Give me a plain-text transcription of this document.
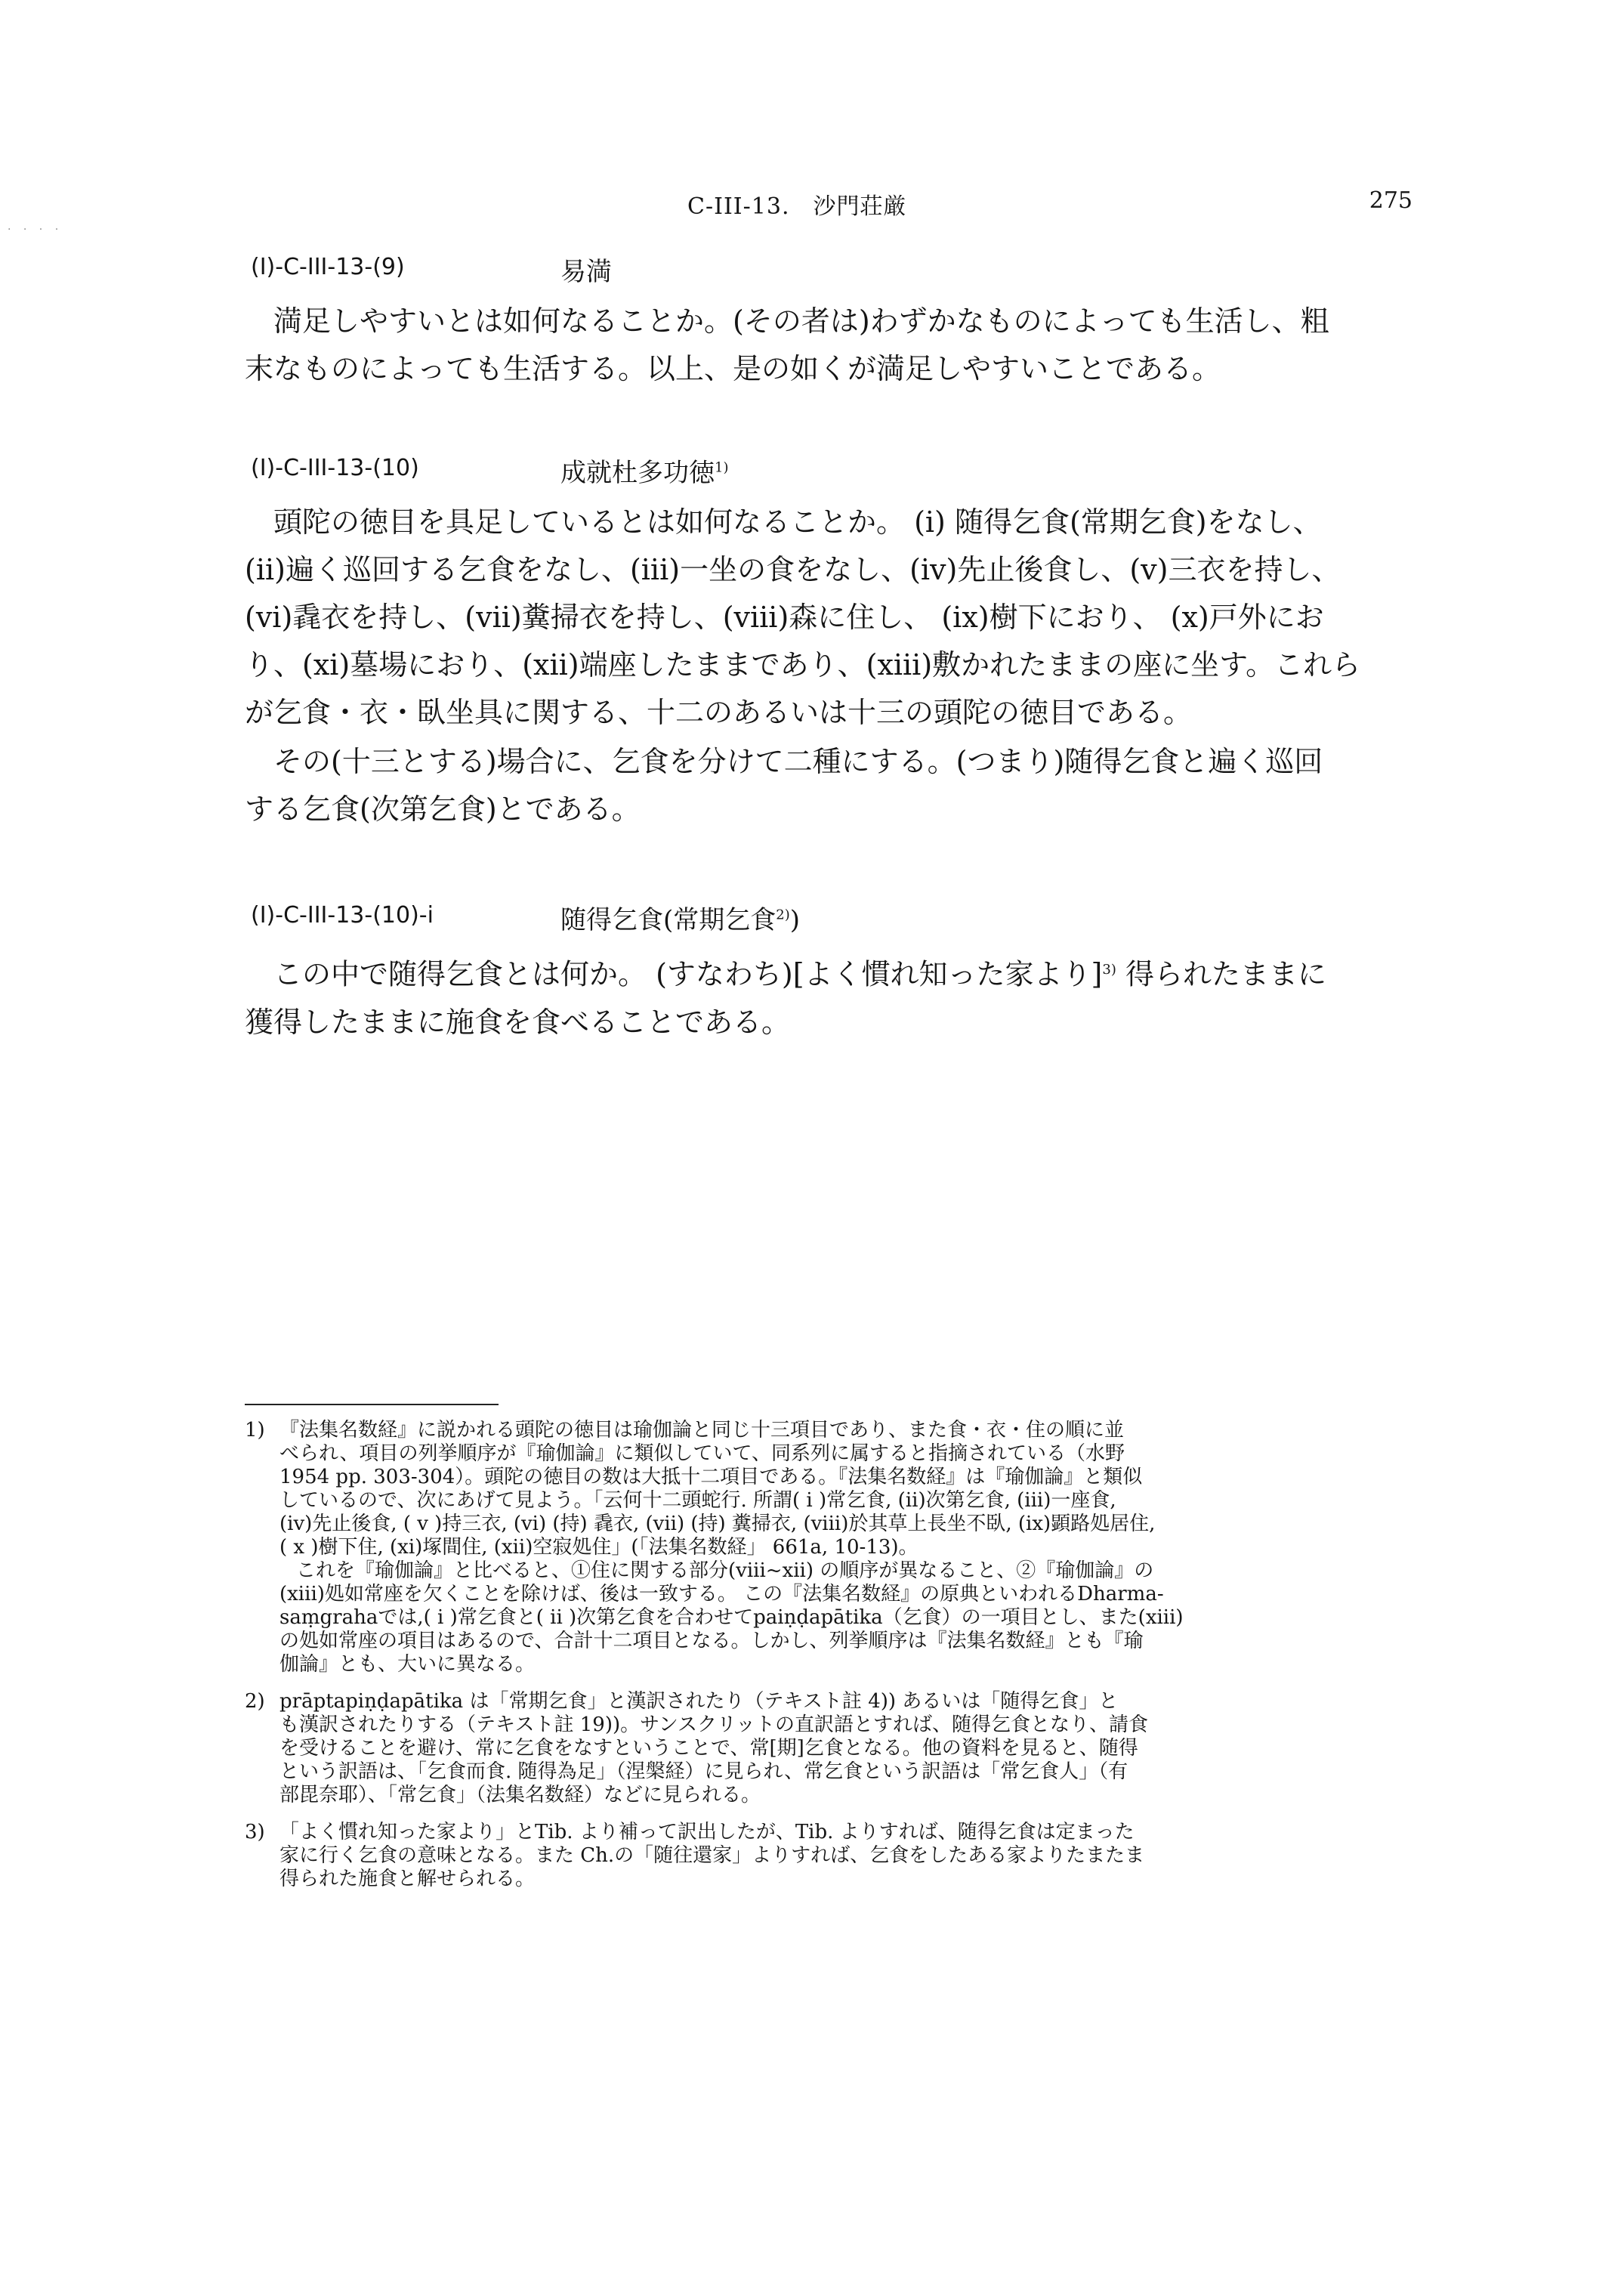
. . . .
C-III-13.　沙門荘厳	275
(I)-C-III-13-(9)	易満

満足しやすいとは如何なることか。(その者は)わずかなものによっても生活し、粗
末なものによっても生活する。以上、是の如くが満足しやすいことである。

(I)-C-III-13-(10)	成就杜多功徳$^{1)}$

頭陀の徳目を具足しているとは如何なることか。 (i) 随得乞食(常期乞食)をなし、
(ii)遍く巡回する乞食をなし、(iii)一坐の食をなし、(iv)先止後食し、(v)三衣を持し、
(vi)毳衣を持し、(vii)糞掃衣を持し、(viii)森に住し、 (ix)樹下におり、 (x)戸外にお
り、(xi)墓場におり、(xii)端座したままであり、(xiii)敷かれたままの座に坐す。これら
が乞食・衣・臥坐具に関する、十二のあるいは十三の頭陀の徳目である。

その(十三とする)場合に、乞食を分けて二種にする。(つまり)随得乞食と遍く巡回
する乞食(次第乞食)とである。

(I)-C-III-13-(10)-i	随得乞食(常期乞食$^{2)}$)

この中で随得乞食とは何か。 (すなわち)[よく慣れ知った家より]$^{3)}$ 得られたままに
獲得したままに施食を食べることである。

1) 『法集名数経』に説かれる頭陀の徳目は瑜伽論と同じ十三項目であり、また食・衣・住の順に並
べられ、項目の列挙順序が『瑜伽論』に類似していて、同系列に属すると指摘されている（水野
1954 pp. 303-304）。頭陀の徳目の数は大抵十二項目である。『法集名数経』は『瑜伽論』と類似
しているので、次にあげて見よう。「云何十二頭蛇行. 所謂( i )常乞食, (ii)次第乞食, (iii)一座食,
(iv)先止後食, ( v )持三衣, (vi) (持) 毳衣, (vii) (持) 糞掃衣, (viii)於其草上長坐不臥, (ix)顕路処居住,
( x )樹下住, (xi)塚間住, (xii)空寂処住」(「法集名数経」 661a, 10-13)。
これを『瑜伽論』と比べると、①住に関する部分(viii~xii) の順序が異なること、②『瑜伽論』の
(xiii)処如常座を欠くことを除けば、後は一致する。 この『法集名数経』の原典といわれるDharma-
saṃgrahaでは,( i )常乞食と( ii )次第乞食を合わせてpaiṇḍapātika（乞食）の一項目とし、また(xiii)
の処如常座の項目はあるので、合計十二項目となる。しかし、列挙順序は『法集名数経』とも『瑜
伽論』とも、大いに異なる。
2) prāptapiṇḍapātika は「常期乞食」と漢訳されたり（テキスト註 4)) あるいは「随得乞食」と
も漢訳されたりする（テキスト註 19))。サンスクリットの直訳語とすれば、随得乞食となり、請食
を受けることを避け、常に乞食をなすということで、常[期]乞食となる。他の資料を見ると、随得
という訳語は、「乞食而食. 随得為足」（涅槃経）に見られ、常乞食という訳語は「常乞食人」（有
部毘奈耶）、「常乞食」（法集名数経）などに見られる。
3) 「よく慣れ知った家より」とTib. より補って訳出したが、Tib. よりすれば、随得乞食は定まった
家に行く乞食の意味となる。また Ch.の「随往還家」よりすれば、乞食をしたある家よりたまたま
得られた施食と解せられる。
